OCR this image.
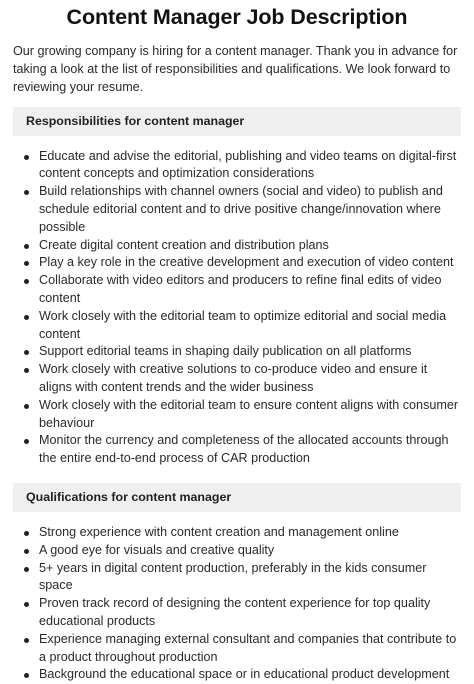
Content Manager Job Description

Our growing company is hiring for a content manager. Thank you in advance for taking a look at the list of responsibilities and qualifications. We look forward to reviewing your resume.

Responsibilities for content manager
Educate and advise the editorial, publishing and video teams on digital-first content concepts and optimization considerations
Build relationships with channel owners (social and video) to publish and schedule editorial content and to drive positive change/innovation where possible
Create digital content creation and distribution plans
Play a key role in the creative development and execution of video content
Collaborate with video editors and producers to refine final edits of video content
Work closely with the editorial team to optimize editorial and social media content
Support editorial teams in shaping daily publication on all platforms
Work closely with creative solutions to co-produce video and ensure it aligns with content trends and the wider business
Work closely with the editorial team to ensure content aligns with consumer behaviour
Monitor the currency and completeness of the allocated accounts through the entire end-to-end process of CAR production
Qualifications for content manager
Strong experience with content creation and management online
A good eye for visuals and creative quality
5+ years in digital content production, preferably in the kids consumer space
Proven track record of designing the content experience for top quality educational products
Experience managing external consultant and companies that contribute to a product throughout production
Background the educational space or in educational product development
